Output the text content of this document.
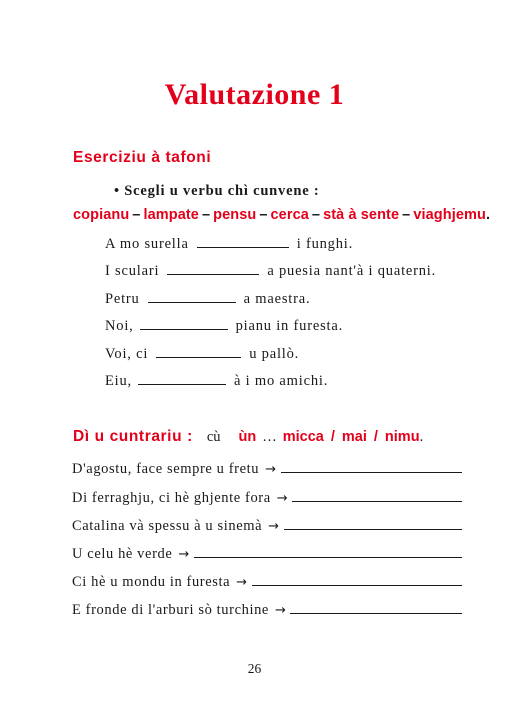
Valutazione 1
Eserciziu à tafoni
• Scegli u verbu chì cunvene :
copianu – lampate – pensu – cerca – stà à sente – viaghjemu.
A mo surella	i funghi.
I sculari	a puesia nant'à i quaterni.
Petru	a maestra.
Noi,	pianu in furesta.
Voi, ci	u pallò.
Eiu,	à i mo amichi.
Dì u cuntrariu : cù ùn … micca / mai / nimu.
D'agostu, face sempre u fretu →
Di ferraghju, ci hè ghjente fora →
Catalina và spessu à u sinemà →
U celu hè verde →
Ci hè u mondu in furesta →
E fronde di l'arburi sò turchine →
26
